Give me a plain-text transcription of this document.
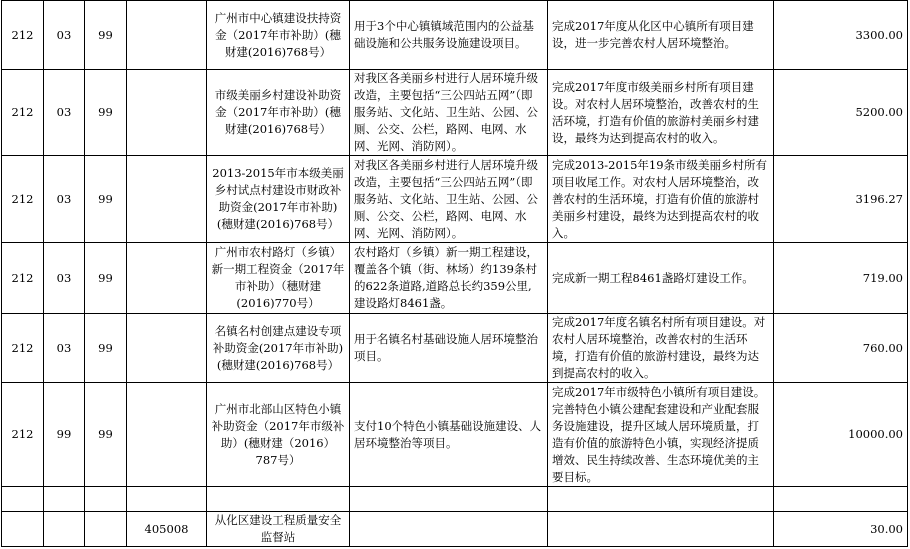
212	03	99		广州市中心镇建设扶持资金（2017年市补助）(穗财建(2016)768号）	用于3个中心镇镇域范围内的公益基础设施和公共服务设施建设项目。	完成2017年度从化区中心镇所有项目建设，进一步完善农村人居环境整治。	3300.00
212	03	99		市级美丽乡村建设补助资金（2017年市补助）(穗财建(2016)768号）	对我区各美丽乡村进行人居环境升级改造，主要包括“三公四站五网”（即服务站、文化站、卫生站、公园、公厕、公交、公栏，路网、电网、水网、光网、消防网）。	完成2017年度市级美丽乡村所有项目建设。对农村人居环境整治，改善农村的生活环境，打造有价值的旅游村美丽乡村建设，最终为达到提高农村的收入。	5200.00
212	03	99		2013-2015年市本级美丽乡村试点村建设市财政补助资金(2017年市补助)(穗财建(2016)768号）	对我区各美丽乡村进行人居环境升级改造，主要包括“三公四站五网”（即服务站、文化站、卫生站、公园、公厕、公交、公栏，路网、电网、水网、光网、消防网）。	完成2013-2015年19条市级美丽乡村所有项目收尾工作。对农村人居环境整治，改善农村的生活环境，打造有价值的旅游村美丽乡村建设，最终为达到提高农村的收入。	3196.27
212	03	99		广州市农村路灯（乡镇）新一期工程资金（2017年市补助）（穗财建(2016)770号）	农村路灯（乡镇）新一期工程建设，覆盖各个镇（街、林场）约139条村的622条道路,道路总长约359公里,建设路灯8461盏。	完成新一期工程8461盏路灯建设工作。	719.00
212	03	99		名镇名村创建点建设专项补助资金(2017年市补助)(穗财建(2016)768号）	用于名镇名村基础设施人居环境整治项目。	完成2017年度名镇名村所有项目建设。对农村人居环境整治，改善农村的生活环境，打造有价值的旅游村建设，最终为达到提高农村的收入。	760.00
212	99	99		广州市北部山区特色小镇补助资金（2017年市级补助）(穗财建（2016）787号）	支付10个特色小镇基础设施建设、人居环境整治等项目。	完成2017年市级特色小镇所有项目建设。完善特色小镇公建配套建设和产业配套服务设施建设，提升区域人居环境质量，打造有价值的旅游特色小镇，实现经济提质增效、民生持续改善、生态环境优美的主要目标。	10000.00

			405008	从化区建设工程质量安全监督站			30.00
